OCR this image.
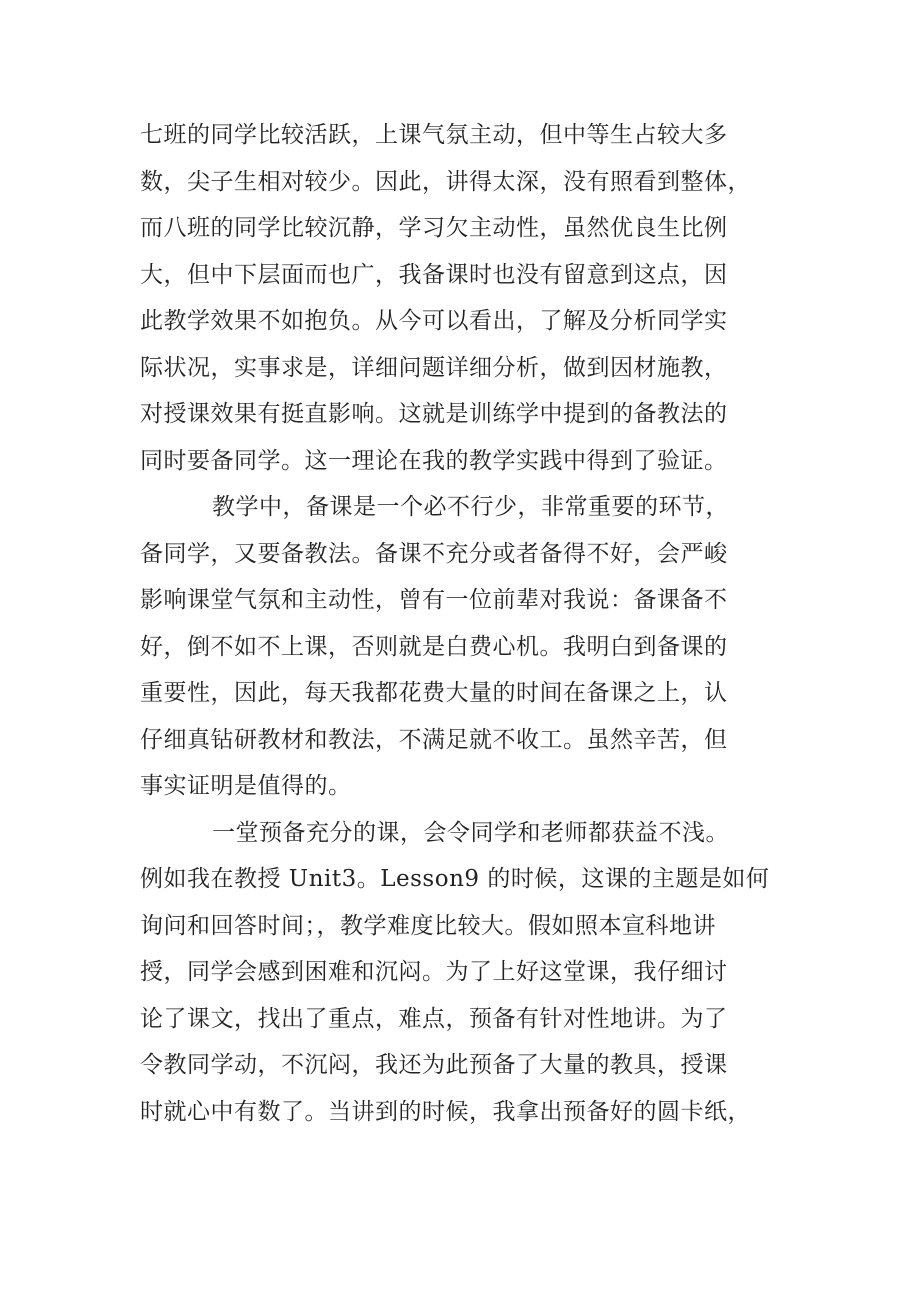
七班的同学比较活跃，上课气氛主动，但中等生占较大多
数，尖子生相对较少。因此，讲得太深，没有照看到整体，
而八班的同学比较沉静，学习欠主动性，虽然优良生比例
大，但中下层面而也广，我备课时也没有留意到这点，因
此教学效果不如抱负。从今可以看出，了解及分析同学实
际状况，实事求是，详细问题详细分析，做到因材施教，
对授课效果有挺直影响。这就是训练学中提到的备教法的
同时要备同学。这一理论在我的教学实践中得到了验证。
教学中，备课是一个必不行少，非常重要的环节，
备同学，又要备教法。备课不充分或者备得不好，会严峻
影响课堂气氛和主动性，曾有一位前辈对我说：备课备不
好，倒不如不上课，否则就是白费心机。我明白到备课的
重要性，因此，每天我都花费大量的时间在备课之上，认
仔细真钻研教材和教法，不满足就不收工。虽然辛苦，但
事实证明是值得的。
一堂预备充分的课，会令同学和老师都获益不浅。
例如我在教授 Unit3。Lesson9 的时候，这课的主题是如何
询问和回答时间；，教学难度比较大。假如照本宣科地讲
授，同学会感到困难和沉闷。为了上好这堂课，我仔细讨
论了课文，找出了重点，难点，预备有针对性地讲。为了
令教同学动，不沉闷，我还为此预备了大量的教具，授课
时就心中有数了。当讲到的时候，我拿出预备好的圆卡纸，
